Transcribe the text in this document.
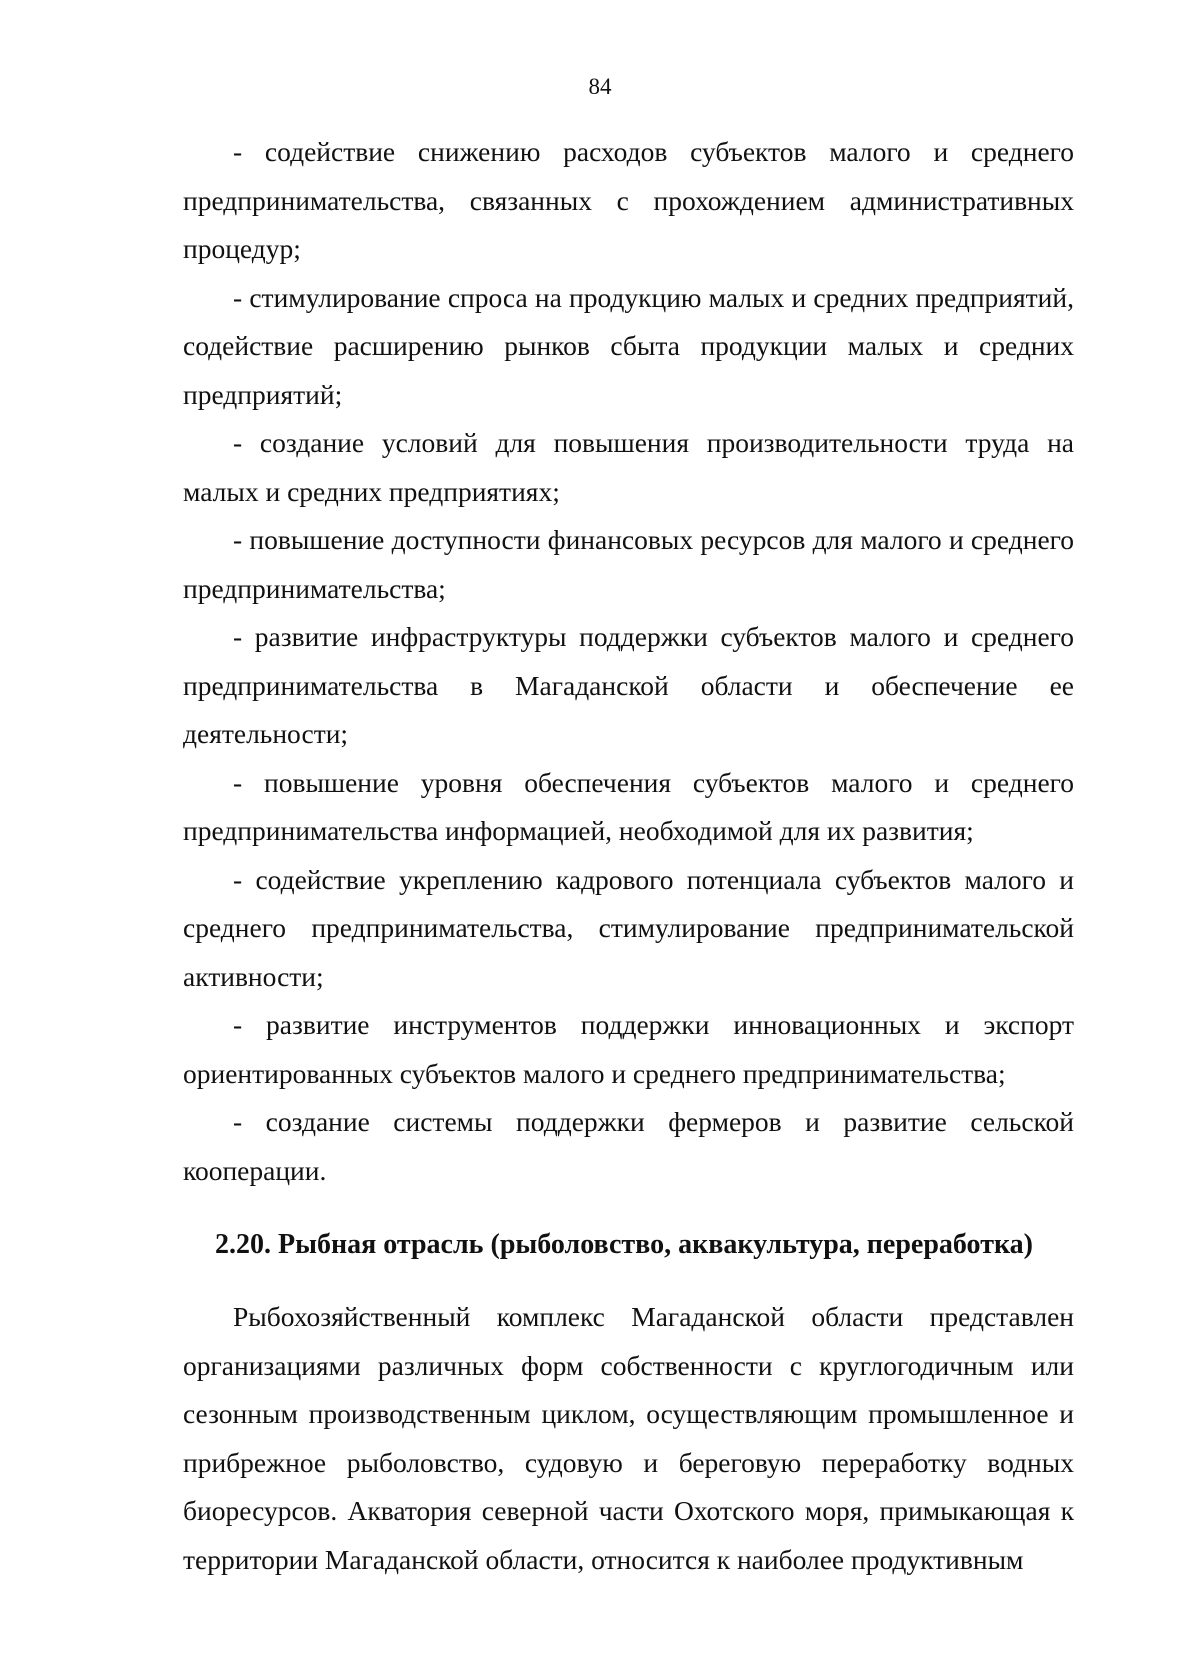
84

- содействие снижению расходов субъектов малого и среднего предпринимательства, связанных с прохождением административных процедур;

- стимулирование спроса на продукцию малых и средних предприятий, содействие расширению рынков сбыта продукции малых и средних предприятий;

- создание условий для повышения производительности труда на малых и средних предприятиях;

- повышение доступности финансовых ресурсов для малого и среднего предпринимательства;

- развитие инфраструктуры поддержки субъектов малого и среднего предпринимательства в Магаданской области и обеспечение ее деятельности;

- повышение уровня обеспечения субъектов малого и среднего предпринимательства информацией, необходимой для их развития;

- содействие укреплению кадрового потенциала субъектов малого и среднего предпринимательства, стимулирование предпринимательской активности;

- развитие инструментов поддержки инновационных и экспорт ориентированных субъектов малого и среднего предпринимательства;

- создание системы поддержки фермеров и развитие сельской кооперации.

2.20. Рыбная отрасль (рыболовство, аквакультура, переработка)

Рыбохозяйственный комплекс Магаданской области представлен организациями различных форм собственности с круглогодичным или сезонным производственным циклом, осуществляющим промышленное и прибрежное рыболовство, судовую и береговую переработку водных биоресурсов. Акватория северной части Охотского моря, примыкающая к территории Магаданской области, относится к наиболее продуктивным
